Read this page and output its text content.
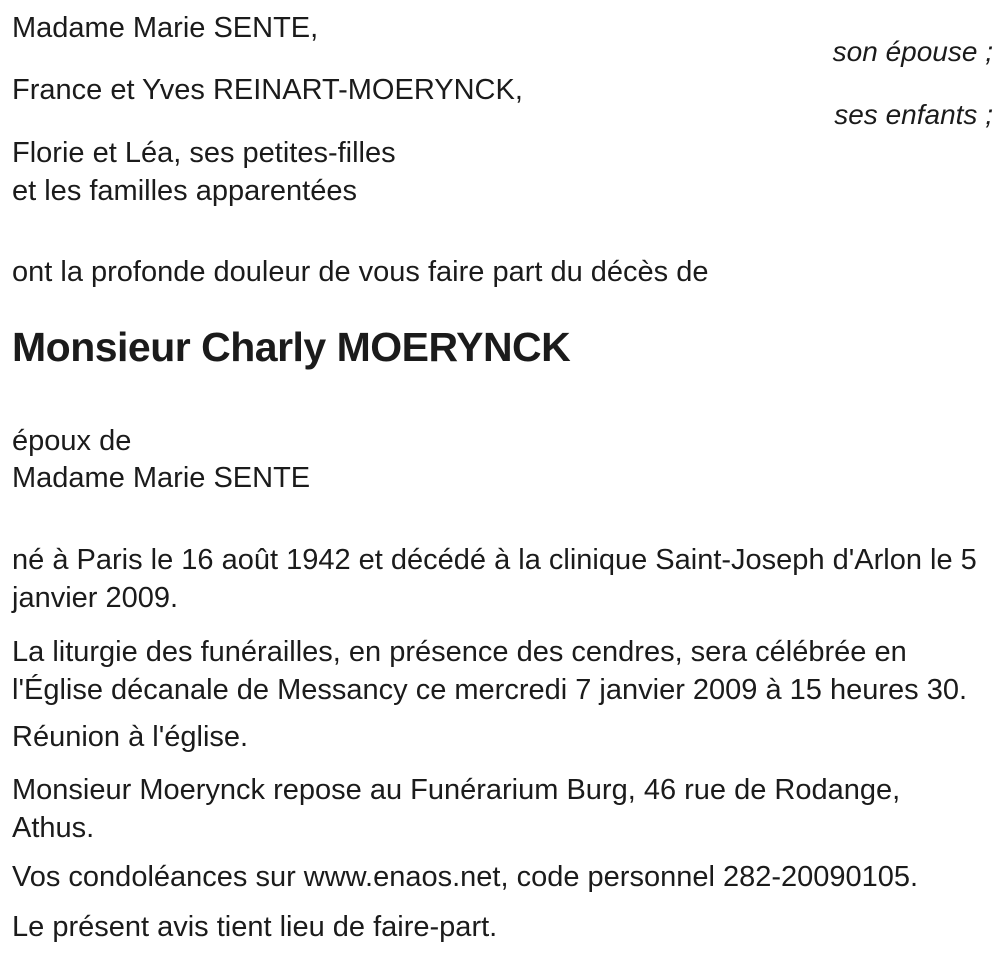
Madame Marie SENTE,
son épouse ;
France et Yves REINART-MOERYNCK,
ses enfants ;
Florie et Léa, ses petites-filles
et les familles apparentées
ont la profonde douleur de vous faire part du décès de
Monsieur Charly MOERYNCK
époux de
Madame Marie SENTE
né à Paris le 16 août 1942 et décédé à la clinique Saint-Joseph d'Arlon le 5
janvier 2009.
La liturgie des funérailles, en présence des cendres, sera célébrée en
l'Église décanale de Messancy ce mercredi 7 janvier 2009 à 15 heures 30.
Réunion à l'église.
Monsieur Moerynck repose au Funérarium Burg, 46 rue de Rodange,
Athus.
Vos condoléances sur www.enaos.net, code personnel 282-20090105.
Le présent avis tient lieu de faire-part.
